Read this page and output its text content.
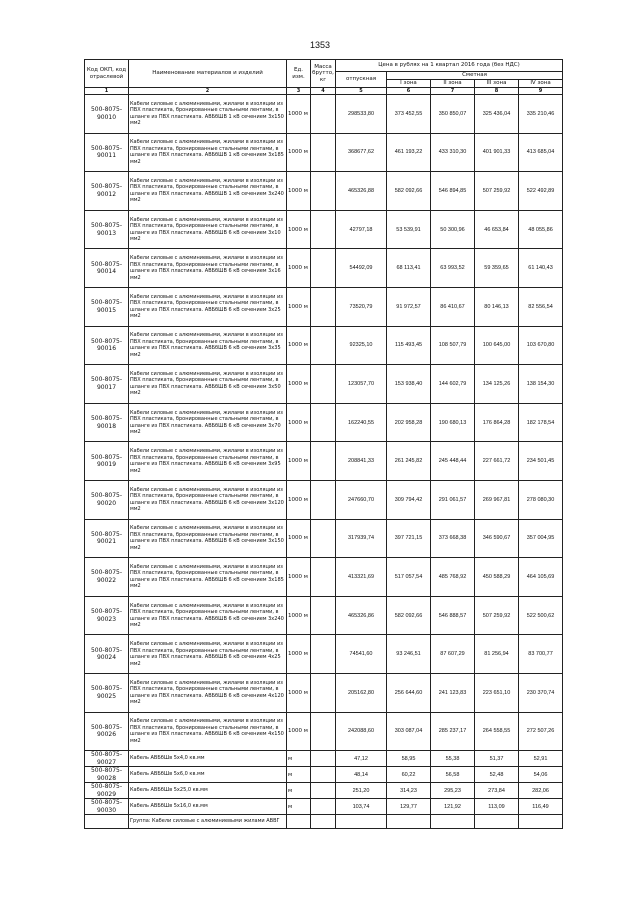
1353
Код ОКП, код отраслевой	Наименование материалов и изделий	Ед. изм.	Масса брутто, кг	Цена в рублях на 1 квартал 2016 года (без НДС)				
				отпускная	Сметная			
					I зона	II зона	III зона	IV зона
1	2	3	4	5	6	7	8	9
500-8075-90010	Кабели силовые с алюминиевыми, жилами в изоляции из ПВХ пластиката, бронированные стальными лентами, в шланге из ПВХ пластиката. АВБбШВ 1 кВ сечением 3х150 мм2	1000 м		298533,80	373 452,55	350 850,07	325 436,04	335 210,46
500-8075-90011	Кабели силовые с алюминиевыми, жилами в изоляции из ПВХ пластиката, бронированные стальными лентами, в шланге из ПВХ пластиката. АВБбШВ 1 кВ сечением 3х185 мм2	1000 м		368677,62	461 193,22	433 310,30	401 901,33	413 685,04
500-8075-90012	Кабели силовые с алюминиевыми, жилами в изоляции из ПВХ пластиката, бронированные стальными лентами, в шланге из ПВХ пластиката. АВБбШВ 1 кВ сечением 3х240 мм2	1000 м		465326,88	582 092,66	546 894,85	507 259,92	522 492,89
500-8075-90013	Кабели силовые с алюминиевыми, жилами в изоляции из ПВХ пластиката, бронированные стальными лентами, в шланге из ПВХ пластиката. АВБбШВ 6 кВ сечением 3х10 мм2	1000 м		42797,18	53 539,91	50 300,96	46 653,84	48 055,86
500-8075-90014	Кабели силовые с алюминиевыми, жилами в изоляции из ПВХ пластиката, бронированные стальными лентами, в шланге из ПВХ пластиката. АВБбШВ 6 кВ сечением 3х16 мм2	1000 м		54492,09	68 113,41	63 993,52	59 359,65	61 140,43
500-8075-90015	Кабели силовые с алюминиевыми, жилами в изоляции из ПВХ пластиката, бронированные стальными лентами, в шланге из ПВХ пластиката. АВБбШВ 6 кВ сечением 3х25 мм2	1000 м		73520,79	91 972,57	86 410,67	80 146,13	82 556,54
500-8075-90016	Кабели силовые с алюминиевыми, жилами в изоляции из ПВХ пластиката, бронированные стальными лентами, в шланге из ПВХ пластиката. АВБбШВ 6 кВ сечением 3х35 мм2	1000 м		92325,10	115 493,45	108 507,79	100 645,00	103 670,80
500-8075-90017	Кабели силовые с алюминиевыми, жилами в изоляции из ПВХ пластиката, бронированные стальными лентами, в шланге из ПВХ пластиката. АВБбШВ 6 кВ сечением 3х50 мм2	1000 м		123057,70	153 938,40	144 602,79	134 125,26	138 154,30
500-8075-90018	Кабели силовые с алюминиевыми, жилами в изоляции из ПВХ пластиката, бронированные стальными лентами, в шланге из ПВХ пластиката. АВБбШВ 6 кВ сечением 3х70 мм2	1000 м		162240,55	202 958,28	190 680,13	176 864,28	182 178,54
500-8075-90019	Кабели силовые с алюминиевыми, жилами в изоляции из ПВХ пластиката, бронированные стальными лентами, в шланге из ПВХ пластиката. АВБбШВ 6 кВ сечением 3х95 мм2	1000 м		208841,33	261 245,82	245 448,44	227 661,72	234 501,45
500-8075-90020	Кабели силовые с алюминиевыми, жилами в изоляции из ПВХ пластиката, бронированные стальными лентами, в шланге из ПВХ пластиката. АВБбШВ 6 кВ сечением 3х120 мм2	1000 м		247660,70	309 794,42	291 061,57	269 967,81	278 080,30
500-8075-90021	Кабели силовые с алюминиевыми, жилами в изоляции из ПВХ пластиката, бронированные стальными лентами, в шланге из ПВХ пластиката. АВБбШВ 6 кВ сечением 3х150 мм2	1000 м		317939,74	397 721,15	373 668,38	346 590,67	357 004,95
500-8075-90022	Кабели силовые с алюминиевыми, жилами в изоляции из ПВХ пластиката, бронированные стальными лентами, в шланге из ПВХ пластиката. АВБбШВ 6 кВ сечением 3х185 мм2	1000 м		413321,69	517 057,54	485 768,92	450 588,29	464 105,69
500-8075-90023	Кабели силовые с алюминиевыми, жилами в изоляции из ПВХ пластиката, бронированные стальными лентами, в шланге из ПВХ пластиката. АВБбШВ 6 кВ сечением 3х240 мм2	1000 м		465326,86	582 092,66	546 888,57	507 259,92	522 500,62
500-8075-90024	Кабели силовые с алюминиевыми, жилами в изоляции из ПВХ пластиката, бронированные стальными лентами, в шланге из ПВХ пластиката. АВБбШВ 6 кВ сечением 4х25 мм2	1000 м		74541,60	93 246,51	87 607,29	81 256,94	83 700,77
500-8075-90025	Кабели силовые с алюминиевыми, жилами в изоляции из ПВХ пластиката, бронированные стальными лентами, в шланге из ПВХ пластиката. АВБбШВ 6 кВ сечением 4х120 мм2	1000 м		205162,80	256 644,60	241 123,83	223 651,10	230 370,74
500-8075-90026	Кабели силовые с алюминиевыми, жилами в изоляции из ПВХ пластиката, бронированные стальными лентами, в шланге из ПВХ пластиката. АВБбШВ 6 кВ сечением 4х150 мм2	1000 м		242088,60	303 087,04	285 237,17	264 558,55	272 507,26
500-8075-90027	Кабель АВБбШв 5х4,0 кв.мм	м		47,12	58,95	55,38	51,37	52,91
500-8075-90028	Кабель АВБбШв 5х6,0 кв.мм	м		48,14	60,22	56,58	52,48	54,06
500-8075-90029	Кабель АВБбШв 5х25,0 кв.мм	м		251,20	314,23	295,23	273,84	282,06
500-8075-90030	Кабель АВБбШв 5х16,0 кв.мм	м		103,74	129,77	121,92	113,09	116,49
	Группа: Кабели силовые с алюминиевыми жилами АВВГ							
